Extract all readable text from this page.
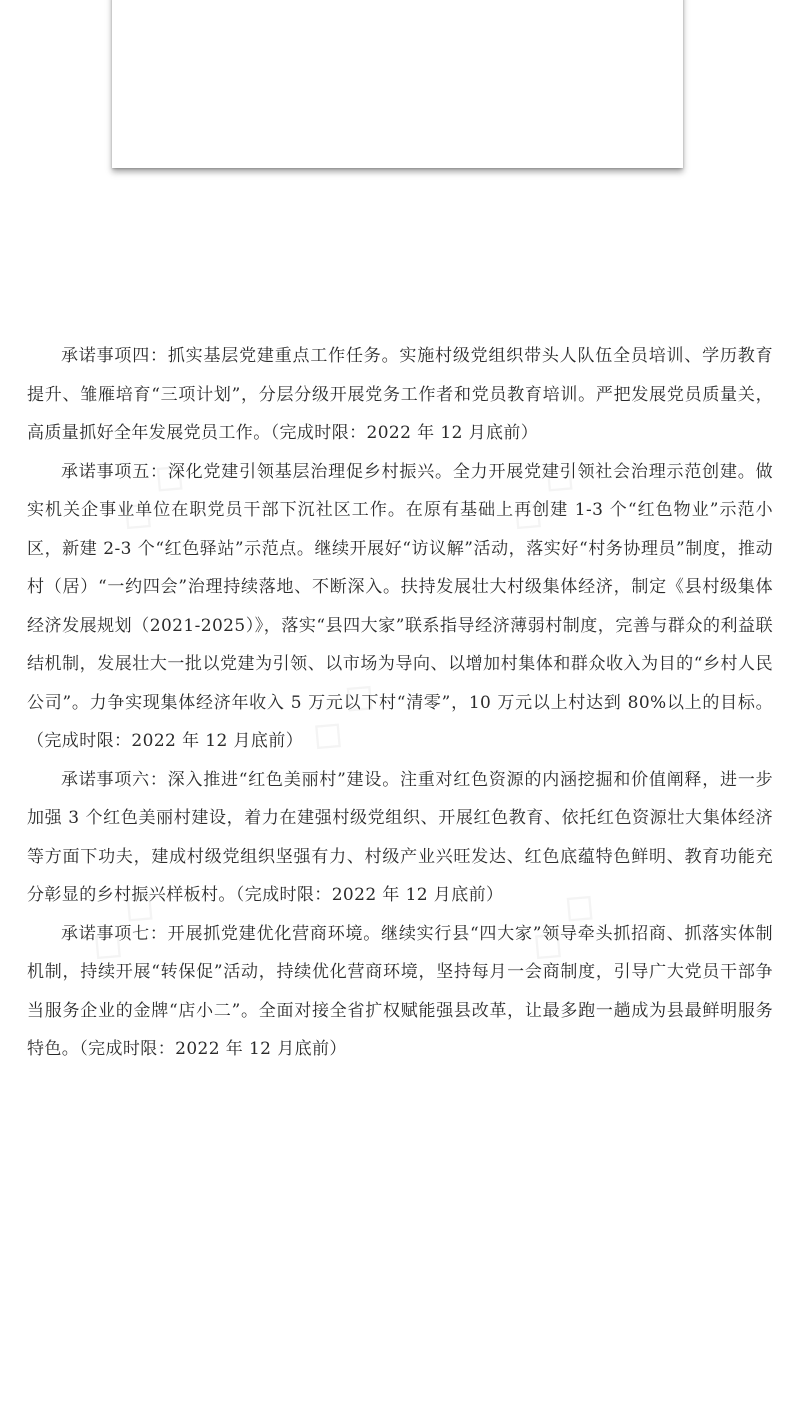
承诺事项四：抓实基层党建重点工作任务。实施村级党组织带头人队伍全员培训、学历教育提升、雏雁培育“三项计划”，分层分级开展党务工作者和党员教育培训。严把发展党员质量关，高质量抓好全年发展党员工作。（完成时限：2022 年 12 月底前）

承诺事项五：深化党建引领基层治理促乡村振兴。全力开展党建引领社会治理示范创建。做实机关企事业单位在职党员干部下沉社区工作。在原有基础上再创建 1-3 个“红色物业”示范小区，新建 2-3 个“红色驿站”示范点。继续开展好“访议解”活动，落实好“村务协理员”制度，推动村（居）“一约四会”治理持续落地、不断深入。扶持发展壮大村级集体经济，制定《县村级集体经济发展规划（2021-2025）》，落实“县四大家”联系指导经济薄弱村制度，完善与群众的利益联结机制，发展壮大一批以党建为引领、以市场为导向、以增加村集体和群众收入为目的“乡村人民公司”。力争实现集体经济年收入 5 万元以下村“清零”，10 万元以上村达到 80%以上的目标。（完成时限：2022 年 12 月底前）

承诺事项六：深入推进“红色美丽村”建设。注重对红色资源的内涵挖掘和价值阐释，进一步加强 3 个红色美丽村建设，着力在建强村级党组织、开展红色教育、依托红色资源壮大集体经济等方面下功夫，建成村级党组织坚强有力、村级产业兴旺发达、红色底蕴特色鲜明、教育功能充分彰显的乡村振兴样板村。（完成时限：2022 年 12 月底前）

承诺事项七：开展抓党建优化营商环境。继续实行县“四大家”领导牵头抓招商、抓落实体制机制，持续开展“转保促”活动，持续优化营商环境，坚持每月一会商制度，引导广大党员干部争当服务企业的金牌“店小二”。全面对接全省扩权赋能强县改革，让最多跑一趟成为县最鲜明服务特色。（完成时限：2022 年 12 月底前）

◇ ◇
◇ ◇
◇ ◇
◇ ◇	◇ ◇
